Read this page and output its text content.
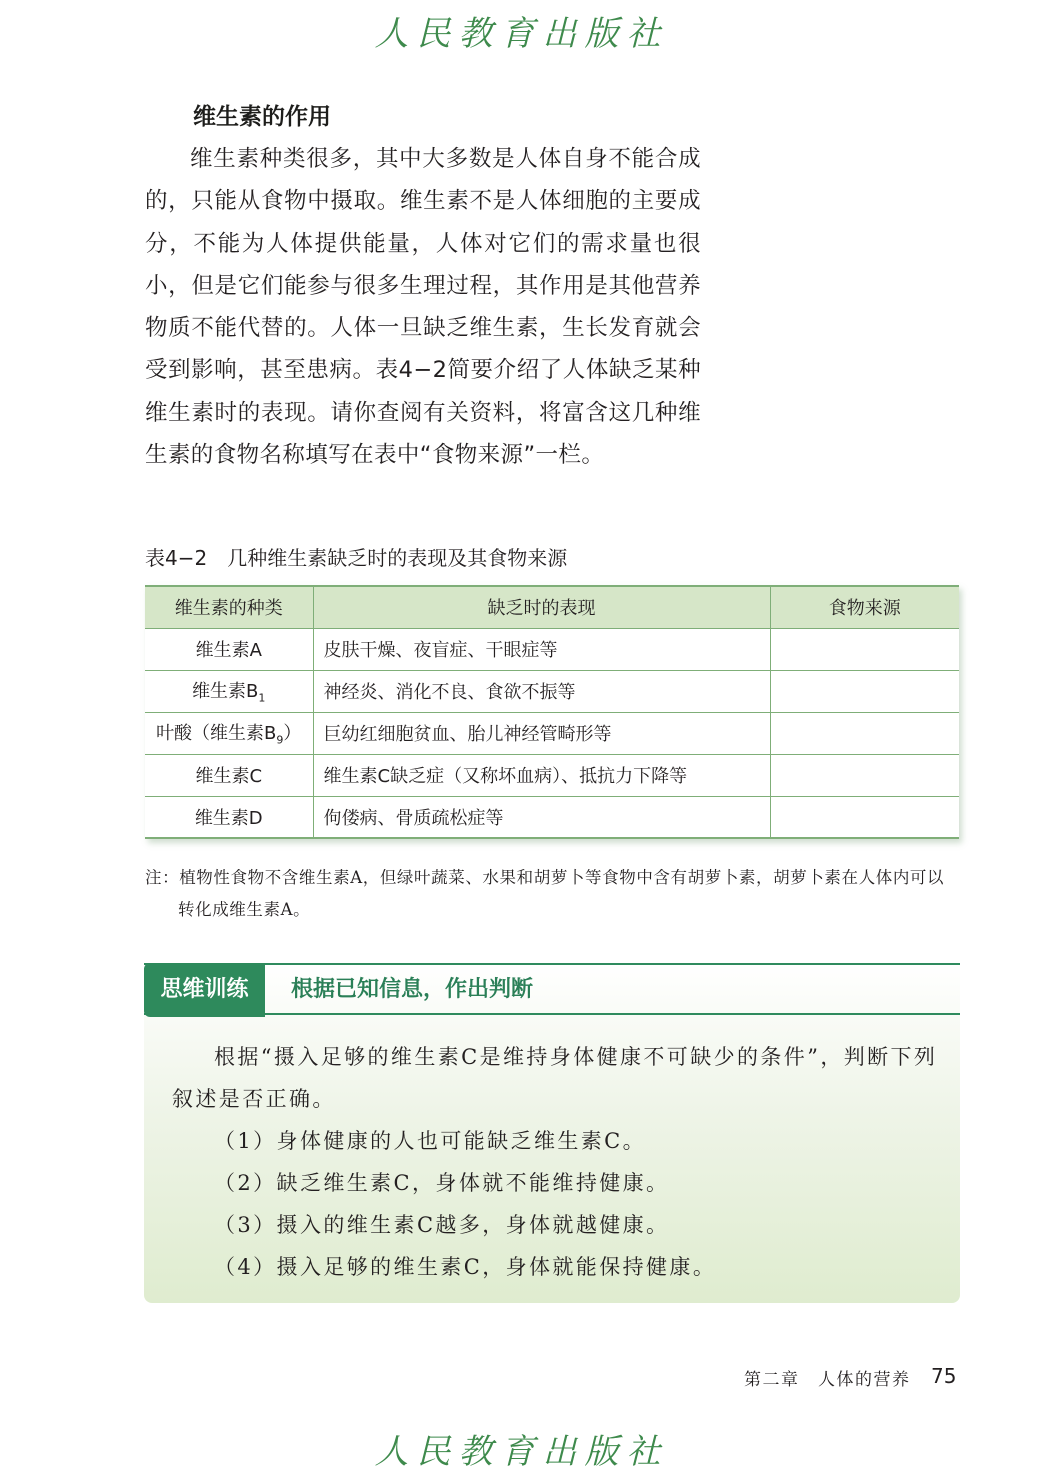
人民教育出版社
维生素的作用

维生素种类很多，其中大多数是人体自身不能合成的，只能从食物中摄取。维生素不是人体细胞的主要成分，不能为人体提供能量，人体对它们的需求量也很小，但是它们能参与很多生理过程，其作用是其他营养物质不能代替的。人体一旦缺乏维生素，生长发育就会受到影响，甚至患病。表4−2简要介绍了人体缺乏某种维生素时的表现。请你查阅有关资料，将富含这几种维生素的食物名称填写在表中“食物来源”一栏。

表4−2　几种维生素缺乏时的表现及其食物来源
维生素的种类	缺乏时的表现	食物来源
维生素A	皮肤干燥、夜盲症、干眼症等	
维生素$B_1$	神经炎、消化不良、食欲不振等	
叶酸（维生素$B_9$）	巨幼红细胞贫血、胎儿神经管畸形等	
维生素C	维生素C缺乏症（又称坏血病）、抵抗力下降等	
维生素D	佝偻病、骨质疏松症等	

注：植物性食物不含维生素A，但绿叶蔬菜、水果和胡萝卜等食物中含有胡萝卜素，胡萝卜素在人体内可以转化成维生素A。

思维训练	根据已知信息，作出判断

根据“摄入足够的维生素C是维持身体健康不可缺少的条件”，判断下列叙述是否正确。

（1）身体健康的人也可能缺乏维生素C。

（2）缺乏维生素C，身体就不能维持健康。

（3）摄入的维生素C越多，身体就越健康。

（4）摄入足够的维生素C，身体就能保持健康。

第二章　人体的营养 75
人民教育出版社
